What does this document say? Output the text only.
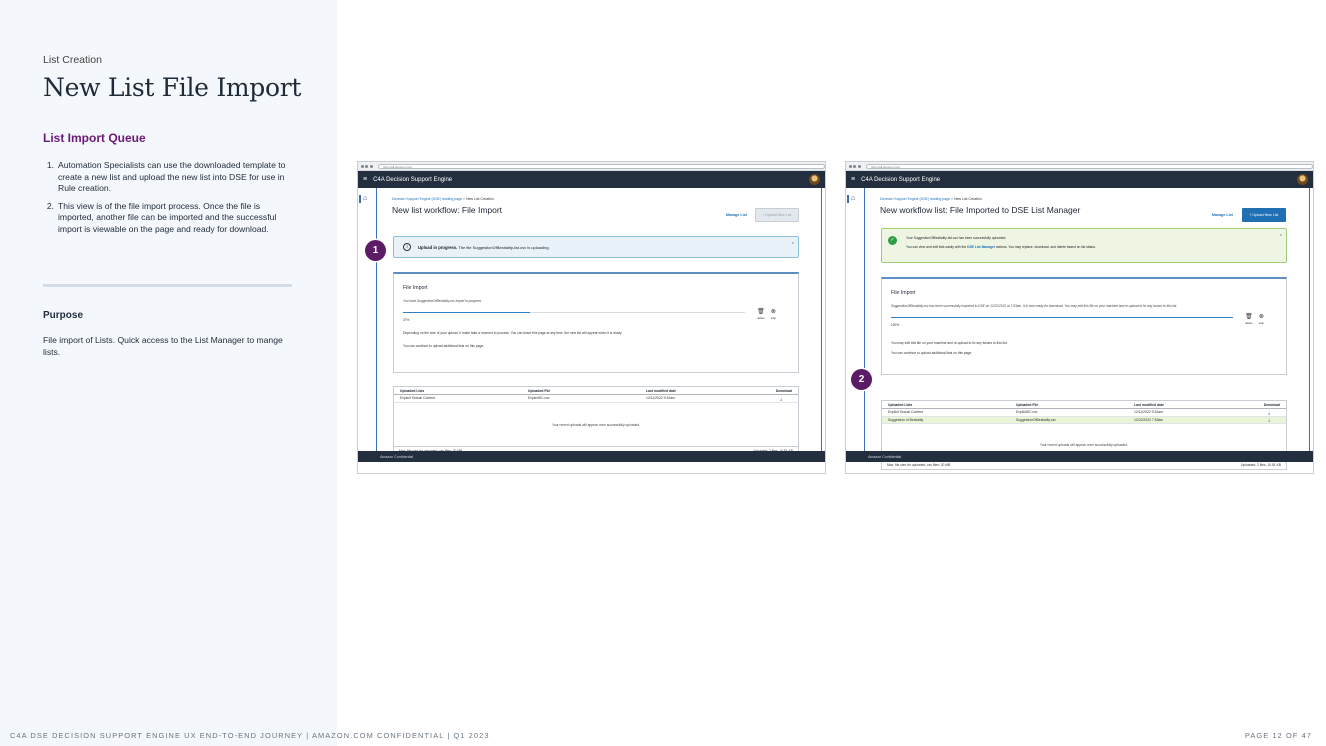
List Creation
New List File Import
List Import Queue
1. Automation Specialists can use the downloaded template to create a new list and upload the new list into DSE for use in Rule creation.
2. This view is of the file import process. Once the file is imported, another file can be imported and the successful import is viewable on the page and ready for download.
Purpose
File import of Lists. Quick access to the List Manager to mange lists.
link.c4dl.amazon.com
≡ C4A Decision Support Engine
⌂	Decision Support Engine (DSE) landing page > New List Creation
New list workflow: File Import	Manage List	⤒ Upload New List
i	Upload in progress. The file SuggestionOfBestiality-list.csv is uploading.
×
File Import
You have SuggestionOfBestiality.csv import in progress
37%
🗑
delete
⊗
stop
Depending on the size of your upload, it make take a moment to process. You can leave this page at any time, the new list will appear when it is ready.
You can continue to upload additional lists on this page.
Uploaded Lists	Uploaded File	Last modified date	Download
Explicit Sexual Content	ExplicitSC.csv	12/11/2022 9:32am	⤓
Your recent uploads will appear once successfully uploaded.
Amazon Confidential
link.c4dl.amazon.com
≡ C4A Decision Support Engine
⌂	Decision Support Engine (DSE) landing page > New List Creation
New workflow list: File Imported to DSE List Manager	Manage List	⤒ Upload New List
✓	Your SuggestionOfBestiality-list.csv has been successfully uploaded.
You can view and edit lists easily with the DSE List Manager actions. You may replace, download, and delete based on list status.
×
File Import
SuggestionOfBestiality.csv has been successfully imported to DSE on 12/22/2022 at 7:53am. It is now ready for download. You may edit this file on your machine and re-upload to fix any issues to this list.
100%
🗑
delete
⊗
stop
You may edit this file on your machine and re-upload to fix any issues to this list.
You can continue to upload additional lists on this page.
Uploaded Lists	Uploaded File	Last modified date	Download
Explicit Sexual Content	ExplicitSC.csv	12/11/2022 9:32am	⤓
Suggestion of Bestiality	SuggestionOfBestiality.csv	12/22/2022 7:53am	⤓
Your recent uploads will appear once successfully uploaded.
Max. file size for uploaded .csv files: 20 MB	Uploaded: 2 files, 10.51 KB
Amazon Confidential
1
2
C4A DSE DECISION SUPPORT ENGINE UX END-TO-END JOURNEY | AMAZON.COM CONFIDENTIAL | Q1 2023	PAGE 12 OF 47
